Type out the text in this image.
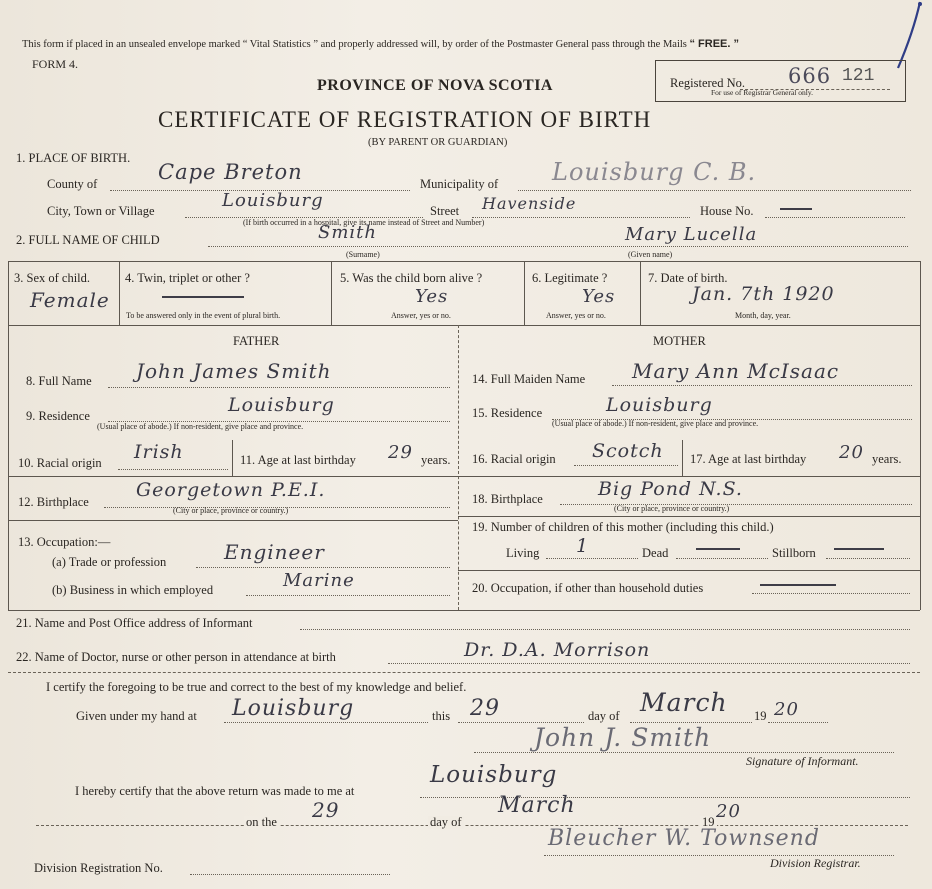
This form if placed in an unsealed envelope marked “ Vital Statistics ” and properly addressed will, by order of the Postmaster General pass through the Mails “ FREE. ”
FORM 4.
Registered No. 666 121
For use of Registrar General only.
PROVINCE OF NOVA SCOTIA
CERTIFICATE OF REGISTRATION OF BIRTH
(BY PARENT OR GUARDIAN)
1. PLACE OF BIRTH.
County of	Cape Breton	Municipality of Louisburg C. B.
City, Town or Village	Louisburg
(If birth occurred in a hospital, give its name instead of Street and Number)
Street Havenside	House No.
2. FULL NAME OF CHILD	Smith
(Surname)
Mary Lucella
(Given name)
3. Sex of child.
Female
4. Twin, triplet or other ?
To be answered only in the event of plural birth.
5. Was the child born alive ?
Yes
Answer, yes or no.
6. Legitimate ?
Yes
Answer, yes or no.
7. Date of birth.
Jan. 7th 1920
Month, day, year.
FATHER	MOTHER
8. Full Name John James Smith
9. Residence	Louisburg
(Usual place of abode.) If non-resident, give place and province.
10. Racial origin Irish	11. Age at last birthday 29 years.
12. Birthplace
Georgetown P.E.I.
(City or place, province or country.)
13. Occupation:—
(a) Trade or profession	Engineer
(b) Business in which employed	Marine
14. Full Maiden Name Mary Ann McIsaac
15. Residence	Louisburg
(Usual place of abode.) If non-resident, give place and province.
16. Racial origin Scotch 17. Age at last birthday 20 years.
18. Birthplace	Big Pond N.S.
(City or place, province or country.)
19. Number of children of this mother (including this child.)
Living 1	Dead	Stillborn
20. Occupation, if other than household duties
21. Name and Post Office address of Informant
22. Name of Doctor, nurse or other person in attendance at birth	Dr. D.A. Morrison
I certify the foregoing to be true and correct to the best of my knowledge and belief.
Given under my hand at Louisburg	this 29	day of March 19 20
John J. Smith
Signature of Informant.
I hereby certify that the above return was made to me at
Louisburg
on the 29	day of
March
19 20
Bleucher W. Townsend
Division Registrar.
Division Registration No.
